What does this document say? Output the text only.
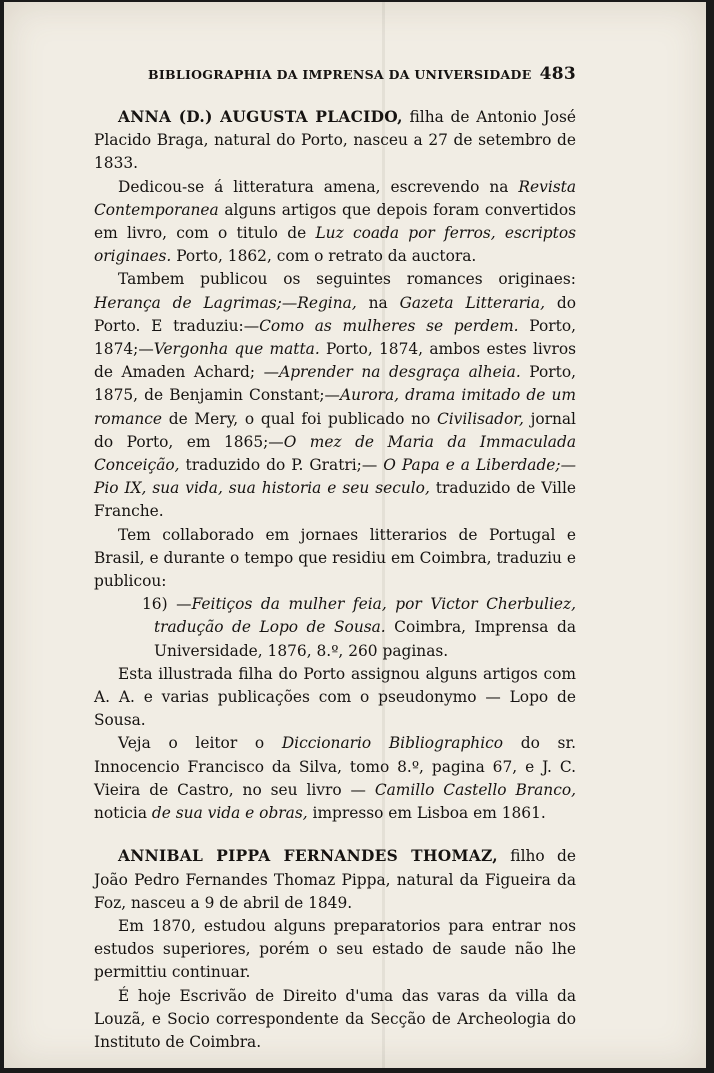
BIBLIOGRAPHIA DA IMPRENSA DA UNIVERSIDADE 483

ANNA (D.) AUGUSTA PLACIDO, filha de Antonio José Placido Braga, natural do Porto, nasceu a 27 de setembro de 1833.

Dedicou-se á litteratura amena, escrevendo na Revista Contemporanea alguns artigos que depois foram convertidos em livro, com o titulo de Luz coada por ferros, escriptos originaes. Porto, 1862, com o retrato da auctora.

Tambem publicou os seguintes romances originaes: Herança de Lagrimas;—Regina, na Gazeta Litteraria, do Porto. E traduziu:—Como as mulheres se perdem. Porto, 1874;—Vergonha que matta. Porto, 1874, ambos estes livros de Amaden Achard; —Aprender na desgraça alheia. Porto, 1875, de Benjamin Constant;—Aurora, drama imitado de um romance de Mery, o qual foi publicado no Civilisador, jornal do Porto, em 1865;—O mez de Maria da Immaculada Conceição, traduzido do P. Gratri;— O Papa e a Liberdade;—Pio IX, sua vida, sua historia e seu seculo, traduzido de Ville Franche.

Tem collaborado em jornaes litterarios de Portugal e Brasil, e durante o tempo que residiu em Coimbra, traduziu e publicou:

16) —Feitiços da mulher feia, por Victor Cherbuliez, tradução de Lopo de Sousa. Coimbra, Imprensa da Universidade, 1876, 8.º, 260 paginas.

Esta illustrada filha do Porto assignou alguns artigos com A. A. e varias publicações com o pseudonymo — Lopo de Sousa.

Veja o leitor o Diccionario Bibliographico do sr. Innocencio Francisco da Silva, tomo 8.º, pagina 67, e J. C. Vieira de Castro, no seu livro — Camillo Castello Branco, noticia de sua vida e obras, impresso em Lisboa em 1861.

ANNIBAL PIPPA FERNANDES THOMAZ, filho de João Pedro Fernandes Thomaz Pippa, natural da Figueira da Foz, nasceu a 9 de abril de 1849.

Em 1870, estudou alguns preparatorios para entrar nos estudos superiores, porém o seu estado de saude não lhe permittiu continuar.

É hoje Escrivão de Direito d'uma das varas da villa da Louzã, e Socio correspondente da Secção de Archeologia do Instituto de Coimbra.
